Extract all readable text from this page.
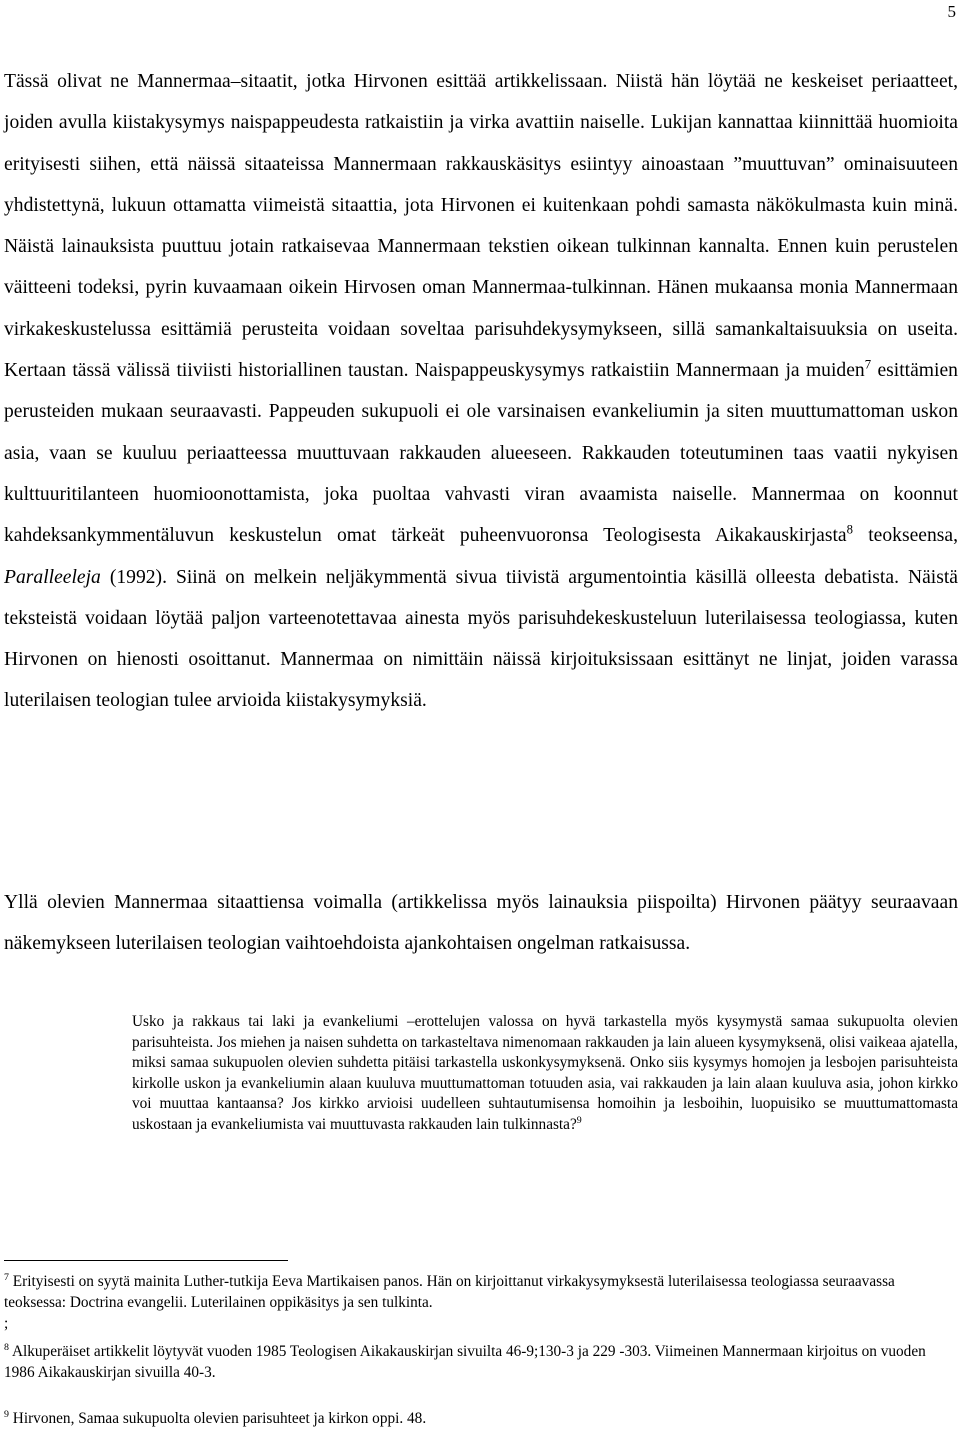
5

Tässä olivat ne Mannermaa–sitaatit, jotka Hirvonen esittää artikkelissaan. Niistä hän löytää ne keskeiset periaatteet, joiden avulla kiistakysymys naispappeudesta ratkaistiin ja virka avattiin naiselle. Lukijan kannattaa kiinnittää huomioita erityisesti siihen, että näissä sitaateissa Mannermaan rakkauskäsitys esiintyy ainoastaan ”muuttuvan” ominaisuuteen yhdistettynä, lukuun ottamatta viimeistä sitaattia, jota Hirvonen ei kuitenkaan pohdi samasta näkökulmasta kuin minä. Näistä lainauksista puuttuu jotain ratkaisevaa Mannermaan tekstien oikean tulkinnan kannalta. Ennen kuin perustelen väitteeni todeksi, pyrin kuvaamaan oikein Hirvosen oman Mannermaa-tulkinnan. Hänen mukaansa monia Mannermaan virkakeskustelussa esittämiä perusteita voidaan soveltaa parisuhdekysymykseen, sillä samankaltaisuuksia on useita. Kertaan tässä välissä tiiviisti historiallinen taustan. Naispappeuskysymys ratkaistiin Mannermaan ja muiden$^7$ esittämien perusteiden mukaan seuraavasti. Pappeuden sukupuoli ei ole varsinaisen evankeliumin ja siten muuttumattoman uskon asia, vaan se kuuluu periaatteessa muuttuvaan rakkauden alueeseen. Rakkauden toteutuminen taas vaatii nykyisen kulttuuritilanteen huomioonottamista, joka puoltaa vahvasti viran avaamista naiselle. Mannermaa on koonnut kahdeksankymmentäluvun keskustelun omat tärkeät puheenvuoronsa Teologisesta Aikakauskirjasta$^8$ teokseensa, Paralleeleja (1992). Siinä on melkein neljäkymmentä sivua tiivistä argumentointia käsillä olleesta debatista. Näistä teksteistä voidaan löytää paljon varteenotettavaa ainesta myös parisuhdekeskusteluun luterilaisessa teologiassa, kuten Hirvonen on hienosti osoittanut. Mannermaa on nimittäin näissä kirjoituksissaan esittänyt ne linjat, joiden varassa luterilaisen teologian tulee arvioida kiistakysymyksiä.

Yllä olevien Mannermaa sitaattiensa voimalla (artikkelissa myös lainauksia piispoilta) Hirvonen päätyy seuraavaan näkemykseen luterilaisen teologian vaihtoehdoista ajankohtaisen ongelman ratkaisussa.

Usko ja rakkaus tai laki ja evankeliumi –erottelujen valossa on hyvä tarkastella myös kysymystä samaa sukupuolta olevien parisuhteista. Jos miehen ja naisen suhdetta on tarkasteltava nimenomaan rakkauden ja lain alueen kysymyksenä, olisi vaikeaa ajatella, miksi samaa sukupuolen olevien suhdetta pitäisi tarkastella uskonkysymyksenä. Onko siis kysymys homojen ja lesbojen parisuhteista kirkolle uskon ja evankeliumin alaan kuuluva muuttumattoman totuuden asia, vai rakkauden ja lain alaan kuuluva asia, johon kirkko voi muuttaa kantaansa? Jos kirkko arvioisi uudelleen suhtautumisensa homoihin ja lesboihin, luopuisiko se muuttumattomasta uskostaan ja evankeliumista vai muuttuvasta rakkauden lain tulkinnasta?$^9$

$^7$ Erityisesti on syytä mainita Luther-tutkija Eeva Martikaisen panos. Hän on kirjoittanut virkakysymyksestä luterilaisessa teologiassa seuraavassa teoksessa: Doctrina evangelii. Luterilainen oppikäsitys ja sen tulkinta.

;

$^8$ Alkuperäiset artikkelit löytyvät vuoden 1985 Teologisen Aikakauskirjan sivuilta 46-9;130-3 ja 229 -303. Viimeinen Mannermaan kirjoitus on vuoden 1986 Aikakauskirjan sivuilla 40-3.

$^9$ Hirvonen, Samaa sukupuolta olevien parisuhteet ja kirkon oppi. 48.
